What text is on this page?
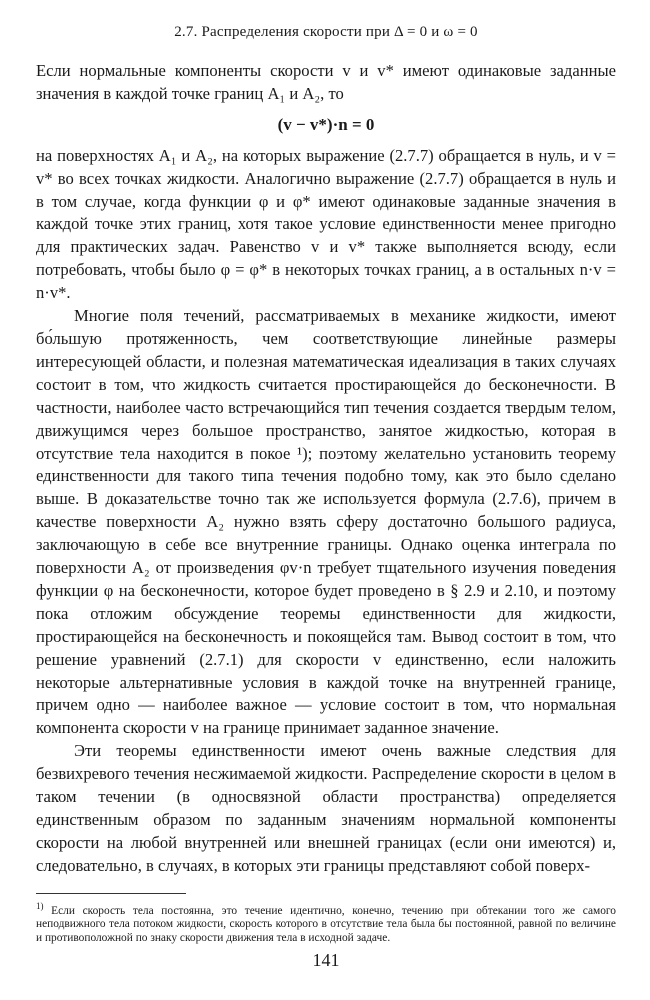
2.7. Распределения скорости при Δ = 0 и ω = 0

Если нормальные компоненты скорости v и v* имеют одинаковые заданные значения в каждой точке границ A₁ и A₂, то

(v − v*)·n = 0

на поверхностях A₁ и A₂, на которых выражение (2.7.7) обращается в нуль, и v = v* во всех точках жидкости. Аналогично выражение (2.7.7) обращается в нуль и в том случае, когда функции φ и φ* имеют одинаковые заданные значения в каждой точке этих границ, хотя такое условие единственности менее пригодно для практических задач. Равенство v и v* также выполняется всюду, если потребовать, чтобы было φ = φ* в некоторых точках границ, а в остальных n·v = n·v*.

Многие поля течений, рассматриваемых в механике жидкости, имеют бо́льшую протяженность, чем соответствующие линейные размеры интересующей области, и полезная математическая идеализация в таких случаях состоит в том, что жидкость считается простирающейся до бесконечности. В частности, наиболее часто встречающийся тип течения создается твердым телом, движущимся через большое пространство, занятое жидкостью, которая в отсутствие тела находится в покое ¹); поэтому желательно установить теорему единственности для такого типа течения подобно тому, как это было сделано выше. В доказательстве точно так же используется формула (2.7.6), причем в качестве поверхности A₂ нужно взять сферу достаточно большого радиуса, заключающую в себе все внутренние границы. Однако оценка интеграла по поверхности A₂ от произведения φv·n требует тщательного изучения поведения функции φ на бесконечности, которое будет проведено в § 2.9 и 2.10, и поэтому пока отложим обсуждение теоремы единственности для жидкости, простирающейся на бесконечность и покоящейся там. Вывод состоит в том, что решение уравнений (2.7.1) для скорости v единственно, если наложить некоторые альтернативные условия в каждой точке на внутренней границе, причем одно — наиболее важное — условие состоит в том, что нормальная компонента скорости v на границе принимает заданное значение.

Эти теоремы единственности имеют очень важные следствия для безвихревого течения несжимаемой жидкости. Распределение скорости в целом в таком течении (в односвязной области пространства) определяется единственным образом по заданным значениям нормальной компоненты скорости на любой внутренней или внешней границах (если они имеются) и, следовательно, в случаях, в которых эти границы представляют собой поверх-

$^{1)}$ Если скорость тела постоянна, это течение идентично, конечно, течению при обтекании того же самого неподвижного тела потоком жидкости, скорость которого в отсутствие тела была бы постоянной, равной по величине и противоположной по знаку скорости движения тела в исходной задаче.
141
